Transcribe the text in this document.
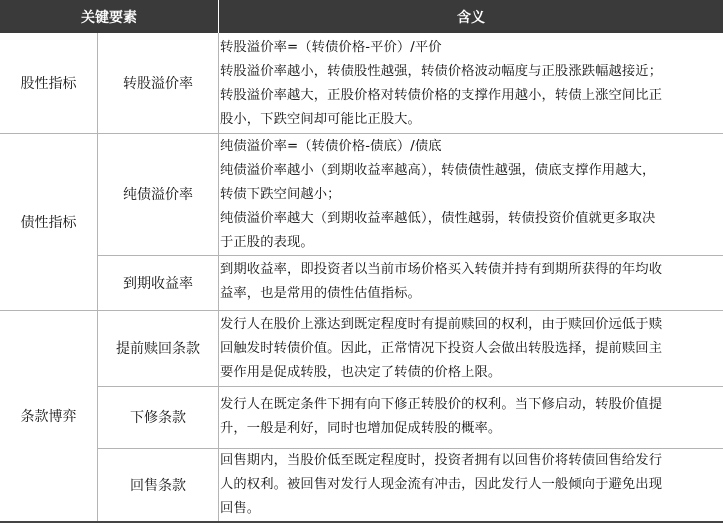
关键要素	含义
股性指标
债性指标
条款博弈
转股溢价率
纯债溢价率
到期收益率
提前赎回条款
下修条款
回售条款
转股溢价率=（转债价格-平价）/平价
转股溢价率越小，转债股性越强，转债价格波动幅度与正股涨跌幅越接近；
转股溢价率越大，正股价格对转债价格的支撑作用越小，转债上涨空间比正
股小，下跌空间却可能比正股大。
纯债溢价率=（转债价格-债底）/债底
纯债溢价率越小（到期收益率越高），转债债性越强，债底支撑作用越大，
转债下跌空间越小；
纯债溢价率越大（到期收益率越低），债性越弱，转债投资价值就更多取决
于正股的表现。
到期收益率，即投资者以当前市场价格买入转债并持有到期所获得的年均收
益率，也是常用的债性估值指标。
发行人在股价上涨达到既定程度时有提前赎回的权利，由于赎回价远低于赎
回触发时转债价值。因此，正常情况下投资人会做出转股选择，提前赎回主
要作用是促成转股，也决定了转债的价格上限。
发行人在既定条件下拥有向下修正转股价的权利。当下修启动，转股价值提
升，一般是利好，同时也增加促成转股的概率。
回售期内，当股价低至既定程度时，投资者拥有以回售价将转债回售给发行
人的权利。被回售对发行人现金流有冲击，因此发行人一般倾向于避免出现
回售。
